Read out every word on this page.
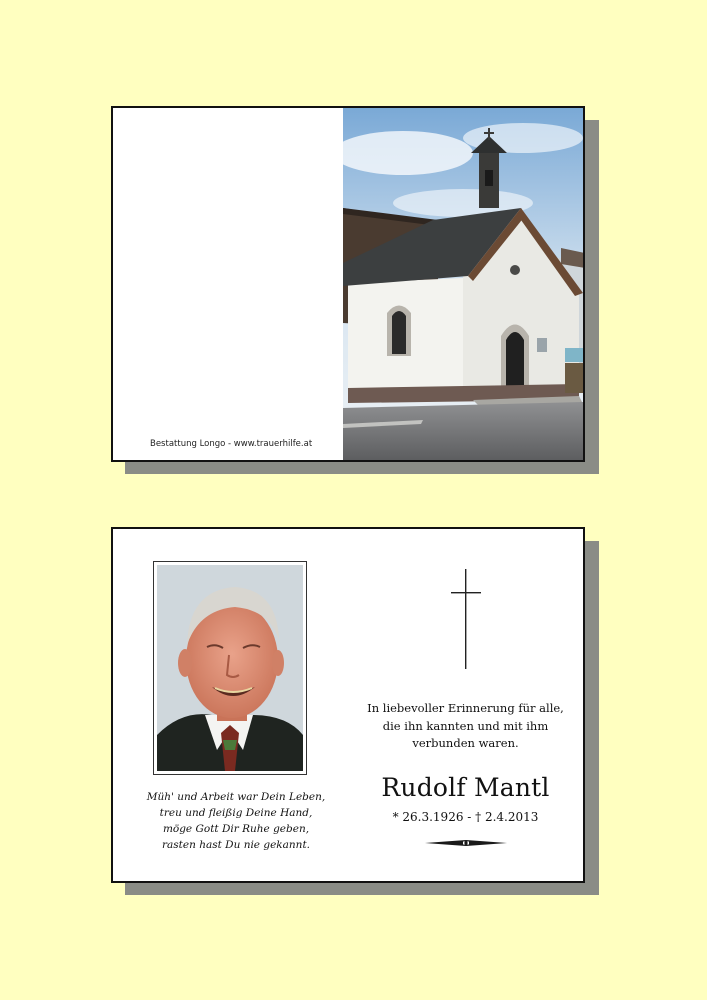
Bestattung Longo - www.trauerhilfe.at
Müh' und Arbeit war Dein Leben,
treu und fleißig Deine Hand,
möge Gott Dir Ruhe geben,
rasten hast Du nie gekannt.
In liebevoller Erinnerung für alle,
die ihn kannten und mit ihm
verbunden waren.
Rudolf Mantl
* 26.3.1926 - † 2.4.2013
